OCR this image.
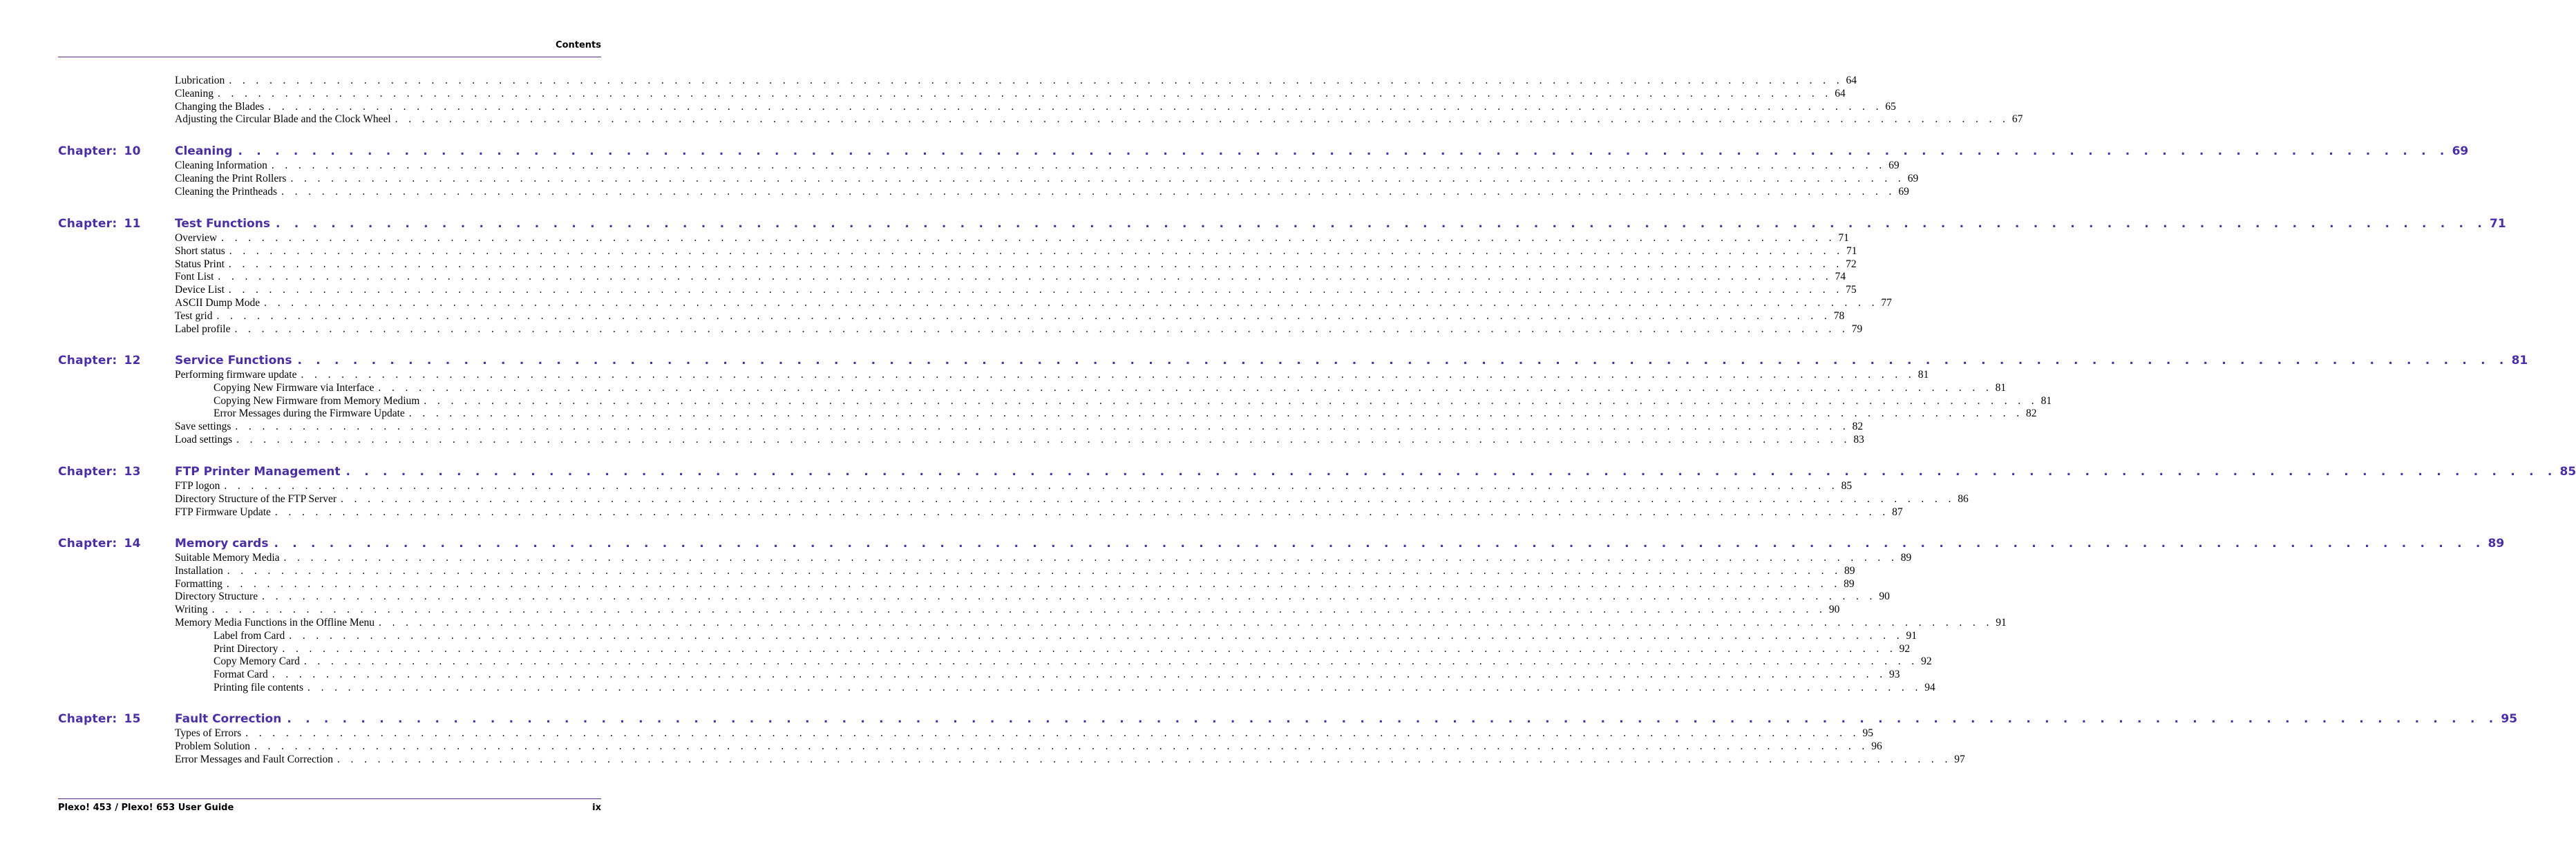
Contents
Lubrication . . . . . . . . . . . . . . . . . . . . . . . . . . . . . . . . . . . . . . . . . . . . . . . . . . . . . . . . . . . . . . . . . . . . . . . . . . . . . . . . . . . . . . . . . . . . . . . . . . . . . . . . . . . . . . . . . . . . . . . . 64
Cleaning . . . . . . . . . . . . . . . . . . . . . . . . . . . . . . . . . . . . . . . . . . . . . . . . . . . . . . . . . . . . . . . . . . . . . . . . . . . . . . . . . . . . . . . . . . . . . . . . . . . . . . . . . . . . . . . . . . . . . . . . 64
Changing the Blades . . . . . . . . . . . . . . . . . . . . . . . . . . . . . . . . . . . . . . . . . . . . . . . . . . . . . . . . . . . . . . . . . . . . . . . . . . . . . . . . . . . . . . . . . . . . . . . . . . . . . . . . . . . . . . . . . . . . . . . . 65
Adjusting the Circular Blade and the Clock Wheel . . . . . . . . . . . . . . . . . . . . . . . . . . . . . . . . . . . . . . . . . . . . . . . . . . . . . . . . . . . . . . . . . . . . . . . . . . . . . . . . . . . . . . . . . . . . . . . . . . . . . . . . . . . . . . . . . . . . . . . . 67
Chapter: 10	Cleaning . . . . . . . . . . . . . . . . . . . . . . . . . . . . . . . . . . . . . . . . . . . . . . . . . . . . . . . . . . . . . . . . . . . . . . . . . . . . . . . . . . . . . . . . . . . . . . . . . . . . . . . . . . . . . . . . . . . . . . . . 69
Cleaning Information . . . . . . . . . . . . . . . . . . . . . . . . . . . . . . . . . . . . . . . . . . . . . . . . . . . . . . . . . . . . . . . . . . . . . . . . . . . . . . . . . . . . . . . . . . . . . . . . . . . . . . . . . . . . . . . . . . . . . . . . 69
Cleaning the Print Rollers . . . . . . . . . . . . . . . . . . . . . . . . . . . . . . . . . . . . . . . . . . . . . . . . . . . . . . . . . . . . . . . . . . . . . . . . . . . . . . . . . . . . . . . . . . . . . . . . . . . . . . . . . . . . . . . . . . . . . . . . 69
Cleaning the Printheads . . . . . . . . . . . . . . . . . . . . . . . . . . . . . . . . . . . . . . . . . . . . . . . . . . . . . . . . . . . . . . . . . . . . . . . . . . . . . . . . . . . . . . . . . . . . . . . . . . . . . . . . . . . . . . . . . . . . . . . . 69
Chapter: 11	Test Functions . . . . . . . . . . . . . . . . . . . . . . . . . . . . . . . . . . . . . . . . . . . . . . . . . . . . . . . . . . . . . . . . . . . . . . . . . . . . . . . . . . . . . . . . . . . . . . . . . . . . . . . . . . . . . . . . . . . . . . . . 71
Overview . . . . . . . . . . . . . . . . . . . . . . . . . . . . . . . . . . . . . . . . . . . . . . . . . . . . . . . . . . . . . . . . . . . . . . . . . . . . . . . . . . . . . . . . . . . . . . . . . . . . . . . . . . . . . . . . . . . . . . . . 71
Short status . . . . . . . . . . . . . . . . . . . . . . . . . . . . . . . . . . . . . . . . . . . . . . . . . . . . . . . . . . . . . . . . . . . . . . . . . . . . . . . . . . . . . . . . . . . . . . . . . . . . . . . . . . . . . . . . . . . . . . . . 71
Status Print . . . . . . . . . . . . . . . . . . . . . . . . . . . . . . . . . . . . . . . . . . . . . . . . . . . . . . . . . . . . . . . . . . . . . . . . . . . . . . . . . . . . . . . . . . . . . . . . . . . . . . . . . . . . . . . . . . . . . . . . 72
Font List . . . . . . . . . . . . . . . . . . . . . . . . . . . . . . . . . . . . . . . . . . . . . . . . . . . . . . . . . . . . . . . . . . . . . . . . . . . . . . . . . . . . . . . . . . . . . . . . . . . . . . . . . . . . . . . . . . . . . . . . 74
Device List . . . . . . . . . . . . . . . . . . . . . . . . . . . . . . . . . . . . . . . . . . . . . . . . . . . . . . . . . . . . . . . . . . . . . . . . . . . . . . . . . . . . . . . . . . . . . . . . . . . . . . . . . . . . . . . . . . . . . . . . 75
ASCII Dump Mode . . . . . . . . . . . . . . . . . . . . . . . . . . . . . . . . . . . . . . . . . . . . . . . . . . . . . . . . . . . . . . . . . . . . . . . . . . . . . . . . . . . . . . . . . . . . . . . . . . . . . . . . . . . . . . . . . . . . . . . . 77
Test grid . . . . . . . . . . . . . . . . . . . . . . . . . . . . . . . . . . . . . . . . . . . . . . . . . . . . . . . . . . . . . . . . . . . . . . . . . . . . . . . . . . . . . . . . . . . . . . . . . . . . . . . . . . . . . . . . . . . . . . . . 78
Label profile . . . . . . . . . . . . . . . . . . . . . . . . . . . . . . . . . . . . . . . . . . . . . . . . . . . . . . . . . . . . . . . . . . . . . . . . . . . . . . . . . . . . . . . . . . . . . . . . . . . . . . . . . . . . . . . . . . . . . . . . 79
Chapter: 12	Service Functions . . . . . . . . . . . . . . . . . . . . . . . . . . . . . . . . . . . . . . . . . . . . . . . . . . . . . . . . . . . . . . . . . . . . . . . . . . . . . . . . . . . . . . . . . . . . . . . . . . . . . . . . . . . . . . . . . . . . . . . . 81
Performing firmware update . . . . . . . . . . . . . . . . . . . . . . . . . . . . . . . . . . . . . . . . . . . . . . . . . . . . . . . . . . . . . . . . . . . . . . . . . . . . . . . . . . . . . . . . . . . . . . . . . . . . . . . . . . . . . . . . . . . . . . . . 81
Copying New Firmware via Interface . . . . . . . . . . . . . . . . . . . . . . . . . . . . . . . . . . . . . . . . . . . . . . . . . . . . . . . . . . . . . . . . . . . . . . . . . . . . . . . . . . . . . . . . . . . . . . . . . . . . . . . . . . . . . . . . . . . . . . . . 81
Copying New Firmware from Memory Medium . . . . . . . . . . . . . . . . . . . . . . . . . . . . . . . . . . . . . . . . . . . . . . . . . . . . . . . . . . . . . . . . . . . . . . . . . . . . . . . . . . . . . . . . . . . . . . . . . . . . . . . . . . . . . . . . . . . . . . . . 81
Error Messages during the Firmware Update . . . . . . . . . . . . . . . . . . . . . . . . . . . . . . . . . . . . . . . . . . . . . . . . . . . . . . . . . . . . . . . . . . . . . . . . . . . . . . . . . . . . . . . . . . . . . . . . . . . . . . . . . . . . . . . . . . . . . . . . 82
Save settings . . . . . . . . . . . . . . . . . . . . . . . . . . . . . . . . . . . . . . . . . . . . . . . . . . . . . . . . . . . . . . . . . . . . . . . . . . . . . . . . . . . . . . . . . . . . . . . . . . . . . . . . . . . . . . . . . . . . . . . . 82
Load settings . . . . . . . . . . . . . . . . . . . . . . . . . . . . . . . . . . . . . . . . . . . . . . . . . . . . . . . . . . . . . . . . . . . . . . . . . . . . . . . . . . . . . . . . . . . . . . . . . . . . . . . . . . . . . . . . . . . . . . . . 83
Chapter: 13	FTP Printer Management . . . . . . . . . . . . . . . . . . . . . . . . . . . . . . . . . . . . . . . . . . . . . . . . . . . . . . . . . . . . . . . . . . . . . . . . . . . . . . . . . . . . . . . . . . . . . . . . . . . . . . . . . . . . . . . . . . . . . . . . 85
FTP logon . . . . . . . . . . . . . . . . . . . . . . . . . . . . . . . . . . . . . . . . . . . . . . . . . . . . . . . . . . . . . . . . . . . . . . . . . . . . . . . . . . . . . . . . . . . . . . . . . . . . . . . . . . . . . . . . . . . . . . . . 85
Directory Structure of the FTP Server . . . . . . . . . . . . . . . . . . . . . . . . . . . . . . . . . . . . . . . . . . . . . . . . . . . . . . . . . . . . . . . . . . . . . . . . . . . . . . . . . . . . . . . . . . . . . . . . . . . . . . . . . . . . . . . . . . . . . . . . 86
FTP Firmware Update . . . . . . . . . . . . . . . . . . . . . . . . . . . . . . . . . . . . . . . . . . . . . . . . . . . . . . . . . . . . . . . . . . . . . . . . . . . . . . . . . . . . . . . . . . . . . . . . . . . . . . . . . . . . . . . . . . . . . . . . 87
Chapter: 14	Memory cards . . . . . . . . . . . . . . . . . . . . . . . . . . . . . . . . . . . . . . . . . . . . . . . . . . . . . . . . . . . . . . . . . . . . . . . . . . . . . . . . . . . . . . . . . . . . . . . . . . . . . . . . . . . . . . . . . . . . . . . . 89
Suitable Memory Media . . . . . . . . . . . . . . . . . . . . . . . . . . . . . . . . . . . . . . . . . . . . . . . . . . . . . . . . . . . . . . . . . . . . . . . . . . . . . . . . . . . . . . . . . . . . . . . . . . . . . . . . . . . . . . . . . . . . . . . . 89
Installation . . . . . . . . . . . . . . . . . . . . . . . . . . . . . . . . . . . . . . . . . . . . . . . . . . . . . . . . . . . . . . . . . . . . . . . . . . . . . . . . . . . . . . . . . . . . . . . . . . . . . . . . . . . . . . . . . . . . . . . . 89
Formatting . . . . . . . . . . . . . . . . . . . . . . . . . . . . . . . . . . . . . . . . . . . . . . . . . . . . . . . . . . . . . . . . . . . . . . . . . . . . . . . . . . . . . . . . . . . . . . . . . . . . . . . . . . . . . . . . . . . . . . . . 89
Directory Structure . . . . . . . . . . . . . . . . . . . . . . . . . . . . . . . . . . . . . . . . . . . . . . . . . . . . . . . . . . . . . . . . . . . . . . . . . . . . . . . . . . . . . . . . . . . . . . . . . . . . . . . . . . . . . . . . . . . . . . . . 90
Writing . . . . . . . . . . . . . . . . . . . . . . . . . . . . . . . . . . . . . . . . . . . . . . . . . . . . . . . . . . . . . . . . . . . . . . . . . . . . . . . . . . . . . . . . . . . . . . . . . . . . . . . . . . . . . . . . . . . . . . . . 90
Memory Media Functions in the Offline Menu . . . . . . . . . . . . . . . . . . . . . . . . . . . . . . . . . . . . . . . . . . . . . . . . . . . . . . . . . . . . . . . . . . . . . . . . . . . . . . . . . . . . . . . . . . . . . . . . . . . . . . . . . . . . . . . . . . . . . . . . 91
Label from Card . . . . . . . . . . . . . . . . . . . . . . . . . . . . . . . . . . . . . . . . . . . . . . . . . . . . . . . . . . . . . . . . . . . . . . . . . . . . . . . . . . . . . . . . . . . . . . . . . . . . . . . . . . . . . . . . . . . . . . . . 91
Print Directory . . . . . . . . . . . . . . . . . . . . . . . . . . . . . . . . . . . . . . . . . . . . . . . . . . . . . . . . . . . . . . . . . . . . . . . . . . . . . . . . . . . . . . . . . . . . . . . . . . . . . . . . . . . . . . . . . . . . . . . . 92
Copy Memory Card . . . . . . . . . . . . . . . . . . . . . . . . . . . . . . . . . . . . . . . . . . . . . . . . . . . . . . . . . . . . . . . . . . . . . . . . . . . . . . . . . . . . . . . . . . . . . . . . . . . . . . . . . . . . . . . . . . . . . . . . 92
Format Card . . . . . . . . . . . . . . . . . . . . . . . . . . . . . . . . . . . . . . . . . . . . . . . . . . . . . . . . . . . . . . . . . . . . . . . . . . . . . . . . . . . . . . . . . . . . . . . . . . . . . . . . . . . . . . . . . . . . . . . . 93
Printing file contents . . . . . . . . . . . . . . . . . . . . . . . . . . . . . . . . . . . . . . . . . . . . . . . . . . . . . . . . . . . . . . . . . . . . . . . . . . . . . . . . . . . . . . . . . . . . . . . . . . . . . . . . . . . . . . . . . . . . . . . . 94
Chapter: 15	Fault Correction . . . . . . . . . . . . . . . . . . . . . . . . . . . . . . . . . . . . . . . . . . . . . . . . . . . . . . . . . . . . . . . . . . . . . . . . . . . . . . . . . . . . . . . . . . . . . . . . . . . . . . . . . . . . . . . . . . . . . . . . 95
Types of Errors . . . . . . . . . . . . . . . . . . . . . . . . . . . . . . . . . . . . . . . . . . . . . . . . . . . . . . . . . . . . . . . . . . . . . . . . . . . . . . . . . . . . . . . . . . . . . . . . . . . . . . . . . . . . . . . . . . . . . . . . 95
Problem Solution . . . . . . . . . . . . . . . . . . . . . . . . . . . . . . . . . . . . . . . . . . . . . . . . . . . . . . . . . . . . . . . . . . . . . . . . . . . . . . . . . . . . . . . . . . . . . . . . . . . . . . . . . . . . . . . . . . . . . . . . 96
Error Messages and Fault Correction . . . . . . . . . . . . . . . . . . . . . . . . . . . . . . . . . . . . . . . . . . . . . . . . . . . . . . . . . . . . . . . . . . . . . . . . . . . . . . . . . . . . . . . . . . . . . . . . . . . . . . . . . . . . . . . . . . . . . . . . 97
Plexo! 453 / Plexo! 653 User Guide	ix
